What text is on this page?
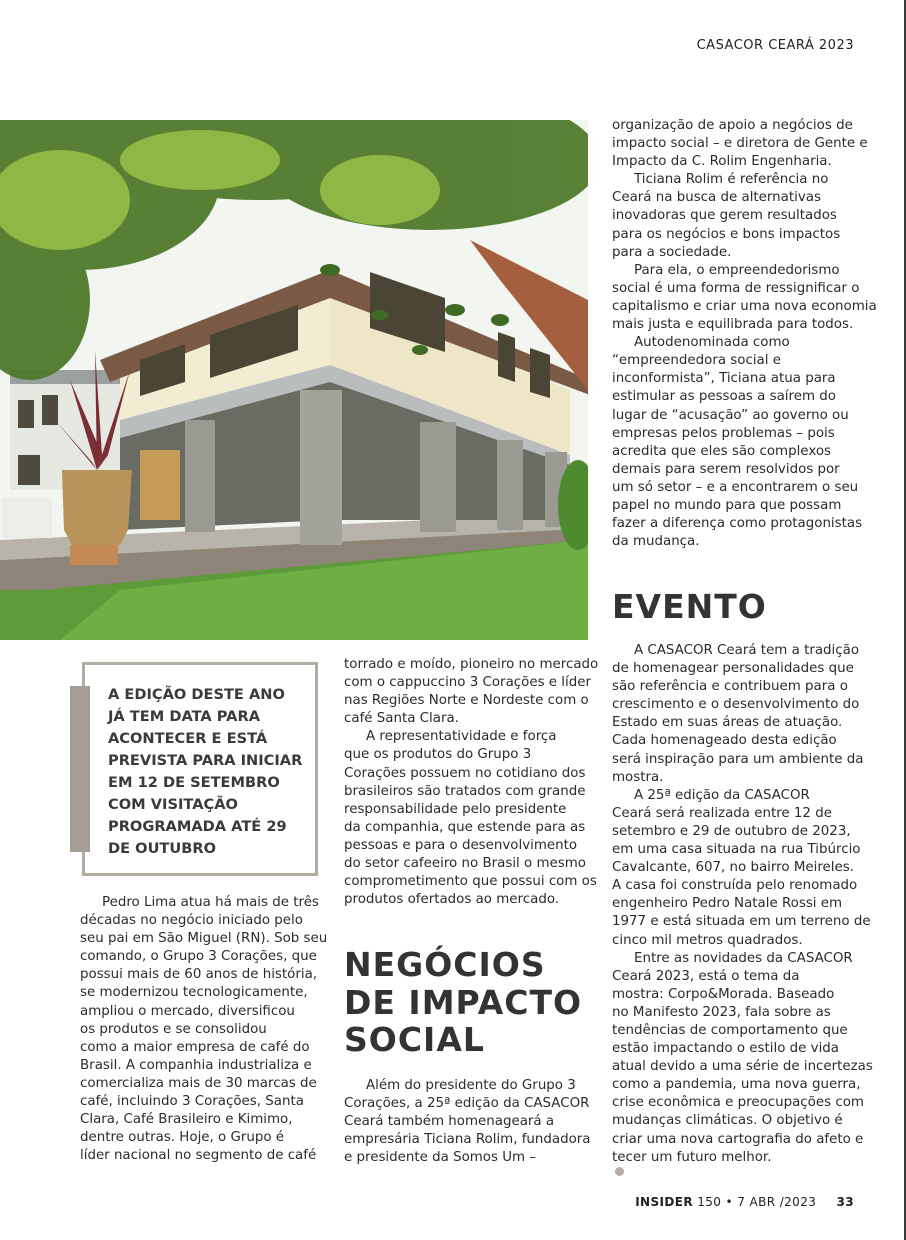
CASACOR CEARÁ 2023
A EDIÇÃO DESTE ANO
JÁ TEM DATA PARA
ACONTECER E ESTÁ
PREVISTA PARA INICIAR
EM 12 DE SETEMBRO
COM VISITAÇÃO
PROGRAMADA ATÉ 29
DE OUTUBRO

Pedro Lima atua há mais de três
décadas no negócio iniciado pelo
seu pai em São Miguel (RN). Sob seu
comando, o Grupo 3 Corações, que
possui mais de 60 anos de história,
se modernizou tecnologicamente,
ampliou o mercado, diversificou
os produtos e se consolidou
como a maior empresa de café do
Brasil. A companhia industrializa e
comercializa mais de 30 marcas de
café, incluindo 3 Corações, Santa
Clara, Café Brasileiro e Kimimo,
dentre outras. Hoje, o Grupo é
líder nacional no segmento de café

torrado e moído, pioneiro no mercado
com o cappuccino 3 Corações e líder
nas Regiões Norte e Nordeste com o
café Santa Clara.

A representatividade e força
que os produtos do Grupo 3
Corações possuem no cotidiano dos
brasileiros são tratados com grande
responsabilidade pelo presidente
da companhia, que estende para as
pessoas e para o desenvolvimento
do setor cafeeiro no Brasil o mesmo
comprometimento que possui com os
produtos ofertados ao mercado.

NEGÓCIOS
DE IMPACTO
SOCIAL

Além do presidente do Grupo 3
Corações, a 25ª edição da CASACOR
Ceará também homenageará a
empresária Ticiana Rolim, fundadora
e presidente da Somos Um –

organização de apoio a negócios de
impacto social – e diretora de Gente e
Impacto da C. Rolim Engenharia.

Ticiana Rolim é referência no
Ceará na busca de alternativas
inovadoras que gerem resultados
para os negócios e bons impactos
para a sociedade.

Para ela, o empreendedorismo
social é uma forma de ressignificar o
capitalismo e criar uma nova economia
mais justa e equilibrada para todos.

Autodenominada como
“empreendedora social e
inconformista”, Ticiana atua para
estimular as pessoas a saírem do
lugar de “acusação” ao governo ou
empresas pelos problemas – pois
acredita que eles são complexos
demais para serem resolvidos por
um só setor – e a encontrarem o seu
papel no mundo para que possam
fazer a diferença como protagonistas
da mudança.

EVENTO

A CASACOR Ceará tem a tradição
de homenagear personalidades que
são referência e contribuem para o
crescimento e o desenvolvimento do
Estado em suas áreas de atuação.
Cada homenageado desta edição
será inspiração para um ambiente da
mostra.

A 25ª edição da CASACOR
Ceará será realizada entre 12 de
setembro e 29 de outubro de 2023,
em uma casa situada na rua Tibúrcio
Cavalcante, 607, no bairro Meireles.
A casa foi construída pelo renomado
engenheiro Pedro Natale Rossi em
1977 e está situada em um terreno de
cinco mil metros quadrados.

Entre as novidades da CASACOR
Ceará 2023, está o tema da
mostra: Corpo&Morada. Baseado
no Manifesto 2023, fala sobre as
tendências de comportamento que
estão impactando o estilo de vida
atual devido a uma série de incertezas
como a pandemia, uma nova guerra,
crise econômica e preocupações com
mudanças climáticas. O objetivo é
criar uma nova cartografia do afeto e
tecer um futuro melhor.

INSIDER 150 • 7 ABR /2023 33
